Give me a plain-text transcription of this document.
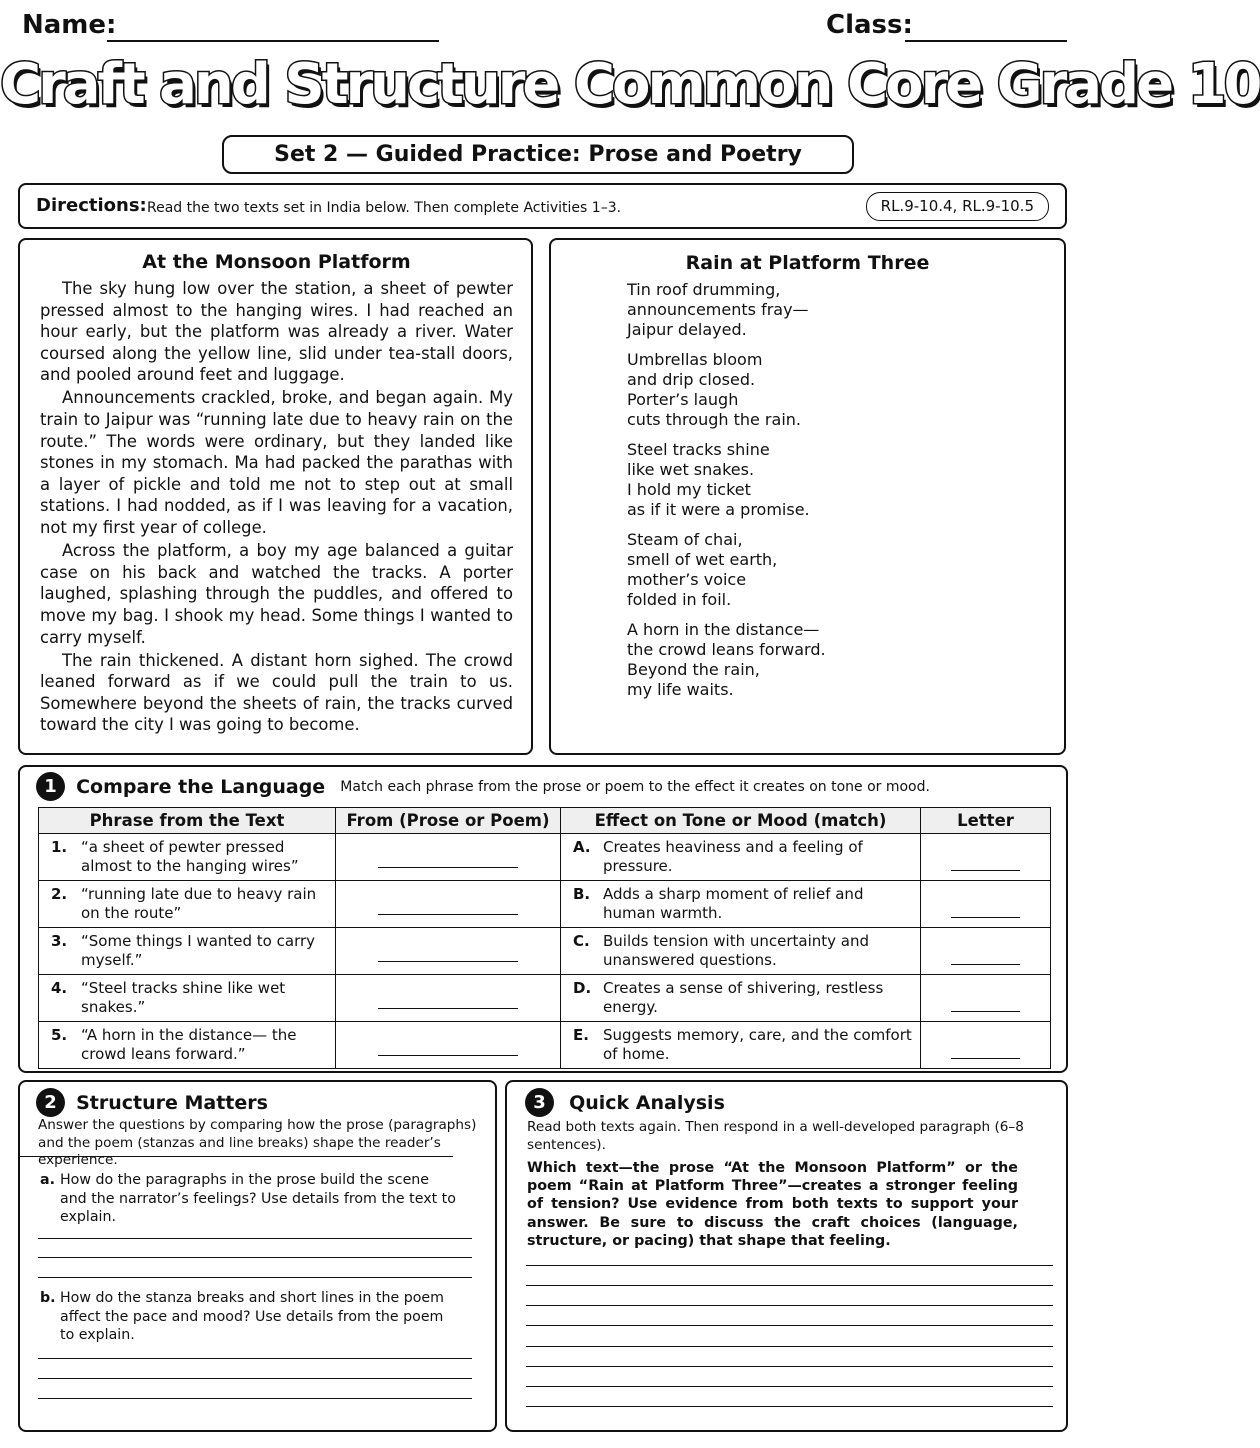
Name:	Class:
Craft and Structure Common Core Grade 10
Set 2 — Guided Practice: Prose and Poetry
Directions: Read the two texts set in India below. Then complete Activities 1–3.	RL.9-10.4, RL.9-10.5
At the Monsoon Platform

The sky hung low over the station, a sheet of pewter pressed almost to the hanging wires. I had reached an hour early, but the platform was already a river. Water coursed along the yellow line, slid under tea-stall doors, and pooled around feet and luggage.

Announcements crackled, broke, and began again. My train to Jaipur was “running late due to heavy rain on the route.” The words were ordinary, but they landed like stones in my stomach. Ma had packed the parathas with a layer of pickle and told me not to step out at small stations. I had nodded, as if I was leaving for a vacation, not my first year of college.

Across the platform, a boy my age balanced a guitar case on his back and watched the tracks. A porter laughed, splashing through the puddles, and offered to move my bag. I shook my head. Some things I wanted to carry myself.

The rain thickened. A distant horn sighed. The crowd leaned forward as if we could pull the train to us. Somewhere beyond the sheets of rain, the tracks curved toward the city I was going to become.

Rain at Platform Three
Tin roof drumming,
announcements fray—
Jaipur delayed.
Umbrellas bloom
and drip closed.
Porter’s laugh
cuts through the rain.
Steel tracks shine
like wet snakes.
I hold my ticket
as if it were a promise.
Steam of chai,
smell of wet earth,
mother’s voice
folded in foil.
A horn in the distance—
the crowd leans forward.
Beyond the rain,
my life waits.
1 Compare the Language Match each phrase from the prose or poem to the effect it creates on tone or mood.
Phrase from the Text	From (Prose or Poem)	Effect on Tone or Mood (match)	Letter

1. “a sheet of pewter pressed almost to the hanging wires”		A. Creates heaviness and a feeling of pressure.	

2. “running late due to heavy rain on the route”		B. Adds a sharp moment of relief and human warmth.	

3. “Some things I wanted to carry myself.”		C. Builds tension with uncertainty and unanswered questions.	

4. “Steel tracks shine like wet snakes.”		D. Creates a sense of shivering, restless energy.	

5. “A horn in the distance— the crowd leans forward.”		E. Suggests memory, care, and the comfort of home.	

2 Structure Matters
Answer the questions by comparing how the prose (paragraphs) and the poem (stanzas and line breaks) shape the reader’s experience.
a. How do the paragraphs in the prose build the scene and the narrator’s feelings? Use details from the text to explain.
b. How do the stanza breaks and short lines in the poem affect the pace and mood? Use details from the poem to explain.
3 Quick Analysis
Read both texts again. Then respond in a well-developed paragraph (6–8 sentences).
Which text—the prose “At the Monsoon Platform” or the poem “Rain at Platform Three”—creates a stronger feeling of tension? Use evidence from both texts to support your answer. Be sure to discuss the craft choices (language, structure, or pacing) that shape that feeling.
